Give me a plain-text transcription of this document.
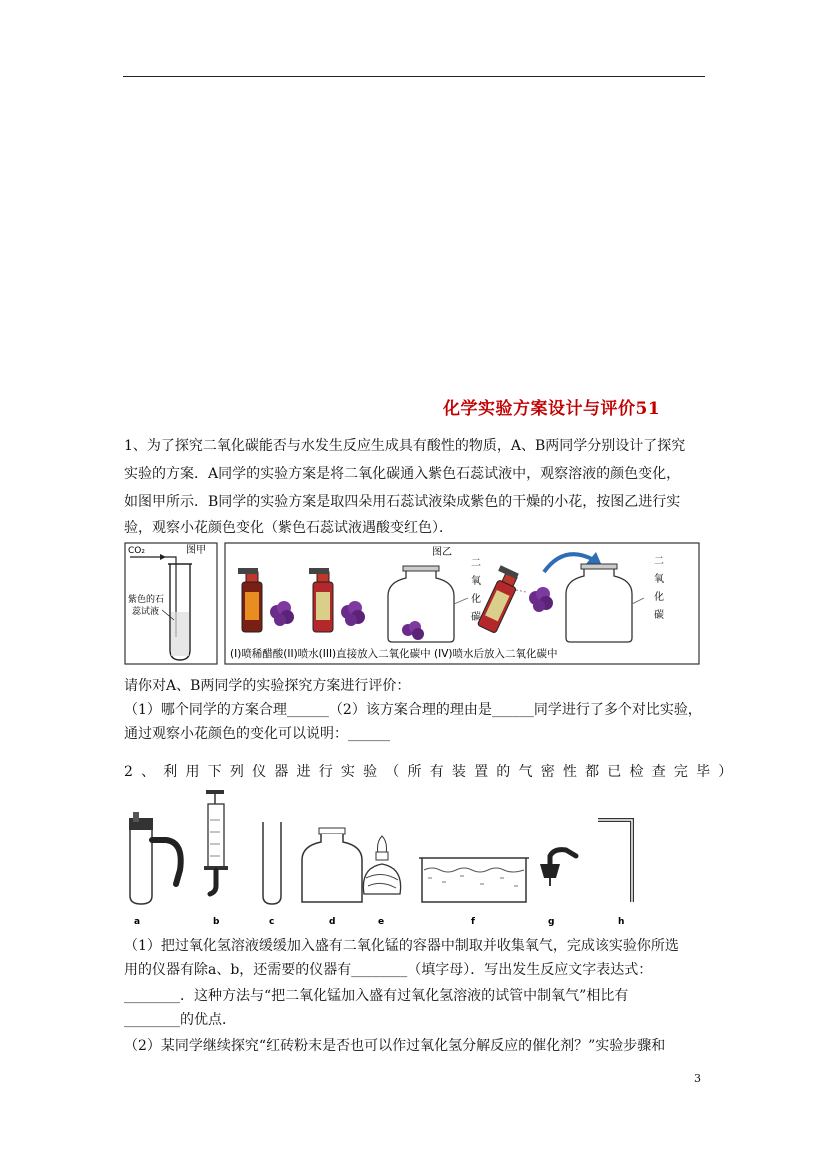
化学实验方案设计与评价51
1、为了探究二氧化碳能否与水发生反应生成具有酸性的物质，A、B两同学分别设计了探究
实验的方案．A同学的实验方案是将二氧化碳通入紫色石蕊试液中，观察溶液的颜色变化，
如图甲所示．B同学的实验方案是取四朵用石蕊试液染成紫色的干燥的小花，按图乙进行实
验，观察小花颜色变化（紫色石蕊试液遇酸变红色）．
CO₂	图甲
紫色的石
蕊试液
图乙
二
氧
化
碳
二
氧
化
碳
(I)喷稀醋酸(II)喷水(III)直接放入二氧化碳中 (IV)喷水后放入二氧化碳中
请你对A、B两同学的实验探究方案进行评价：
（1）哪个同学的方案合理______（2）该方案合理的理由是______同学进行了多个对比实验，
通过观察小花颜色的变化可以说明：______
2、利用下列仪器进行实验（所有装置的气密性都已检查完毕）
a	b	c	d	e	f	g	h
（1）把过氧化氢溶液缓缓加入盛有二氧化锰的容器中制取并收集氧气，完成该实验你所选
用的仪器有除a、b，还需要的仪器有________（填字母）．写出发生反应文字表达式：
________．这种方法与“把二氧化锰加入盛有过氧化氢溶液的试管中制氧气”相比有
________的优点．
（2）某同学继续探究“红砖粉末是否也可以作过氧化氢分解反应的催化剂？”实验步骤和
3
